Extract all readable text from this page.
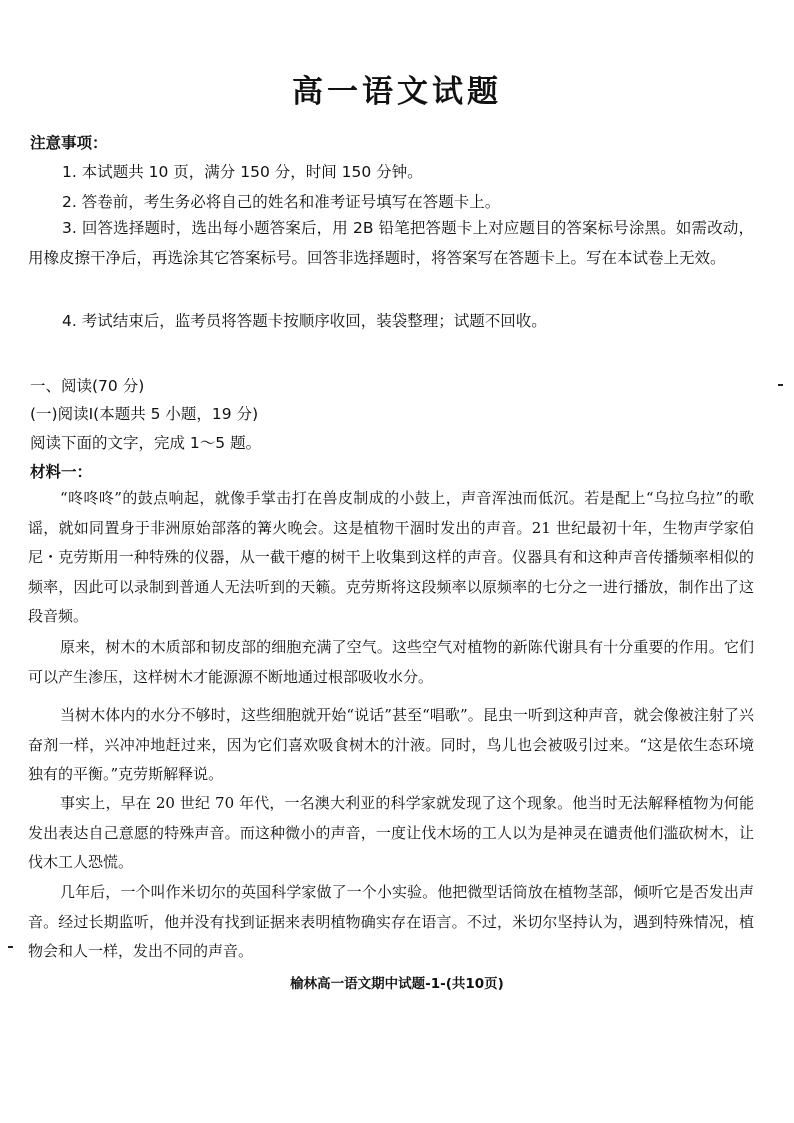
高一语文试题
注意事项：
1. 本试题共 10 页，满分 150 分，时间 150 分钟。
2. 答卷前，考生务必将自己的姓名和准考证号填写在答题卡上。

3. 回答选择题时，选出每小题答案后，用 2B 铅笔把答题卡上对应题目的答案标号涂黑。如需改动，用橡皮擦干净后，再选涂其它答案标号。回答非选择题时，将答案写在答题卡上。写在本试卷上无效。

4. 考试结束后，监考员将答题卡按顺序收回，装袋整理；试题不回收。
一、阅读(70 分)
(一)阅读Ⅰ(本题共 5 小题，19 分)
阅读下面的文字，完成 1～5 题。
材料一：

“咚咚咚”的鼓点响起，就像手掌击打在兽皮制成的小鼓上，声音浑浊而低沉。若是配上“乌拉乌拉”的歌谣，就如同置身于非洲原始部落的篝火晚会。这是植物干涸时发出的声音。21 世纪最初十年，生物声学家伯尼・克劳斯用一种特殊的仪器，从一截干瘪的树干上收集到这样的声音。仪器具有和这种声音传播频率相似的频率，因此可以录制到普通人无法听到的天籁。克劳斯将这段频率以原频率的七分之一进行播放，制作出了这段音频。

原来，树木的木质部和韧皮部的细胞充满了空气。这些空气对植物的新陈代谢具有十分重要的作用。它们可以产生渗压，这样树木才能源源不断地通过根部吸收水分。

当树木体内的水分不够时，这些细胞就开始“说话”甚至“唱歌”。昆虫一听到这种声音，就会像被注射了兴奋剂一样，兴冲冲地赶过来，因为它们喜欢吸食树木的汁液。同时，鸟儿也会被吸引过来。“这是依生态环境独有的平衡。”克劳斯解释说。

事实上，早在 20 世纪 70 年代，一名澳大利亚的科学家就发现了这个现象。他当时无法解释植物为何能发出表达自己意愿的特殊声音。而这种微小的声音，一度让伐木场的工人以为是神灵在谴责他们滥砍树木，让伐木工人恐慌。

几年后，一个叫作米切尔的英国科学家做了一个小实验。他把微型话筒放在植物茎部，倾听它是否发出声音。经过长期监听，他并没有找到证据来表明植物确实存在语言。不过，米切尔坚持认为，遇到特殊情况，植物会和人一样，发出不同的声音。

榆林高一语文期中试题-1-(共10页)
